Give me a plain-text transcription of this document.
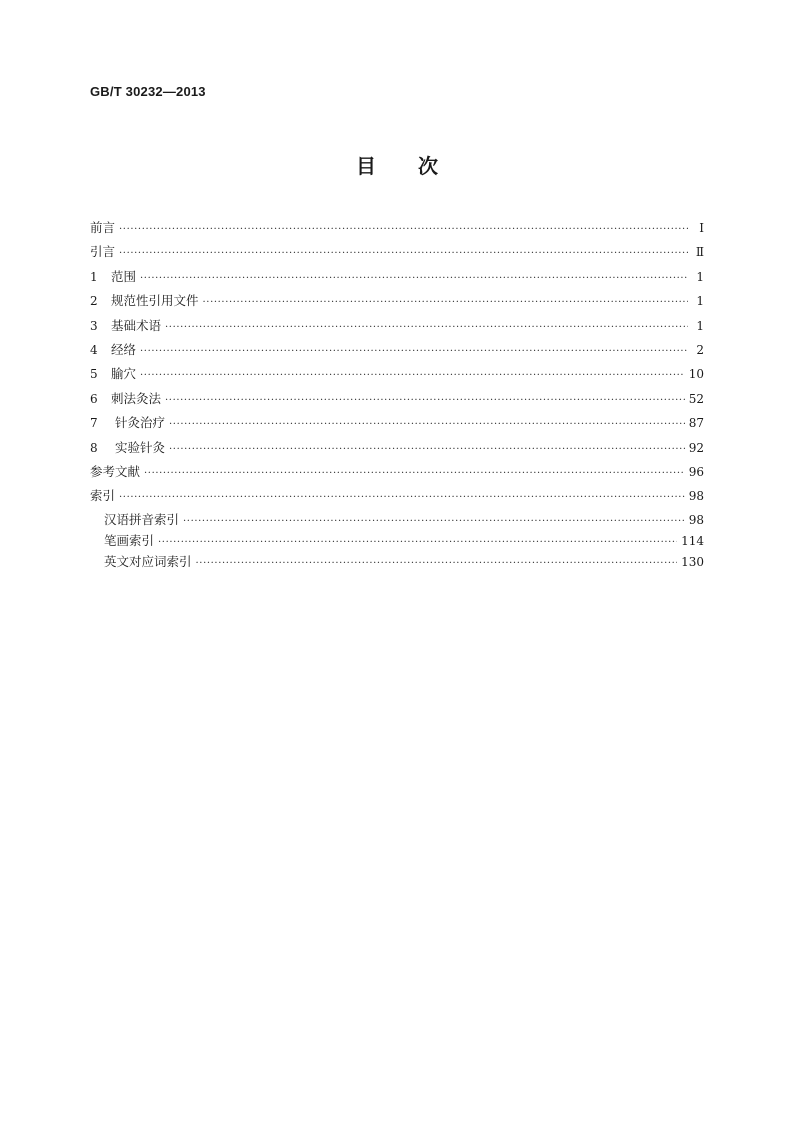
GB/T 30232—2013
目次
前言 ·····	Ⅰ
引言 ·····	Ⅱ
1	范围 ·····	1
2	规范性引用文件 ·····	1
3	基础术语 ·····	1
4	经络 ·····	2
5	腧穴 ·····	10
6	刺法灸法 ·····	52
7	针灸治疗 ·····	87
8	实验针灸 ·····	92
参考文献 ·····	96
索引 ·····	98
汉语拼音索引 ·····	98
笔画索引 ·····	114
英文对应词索引 ·····	130
